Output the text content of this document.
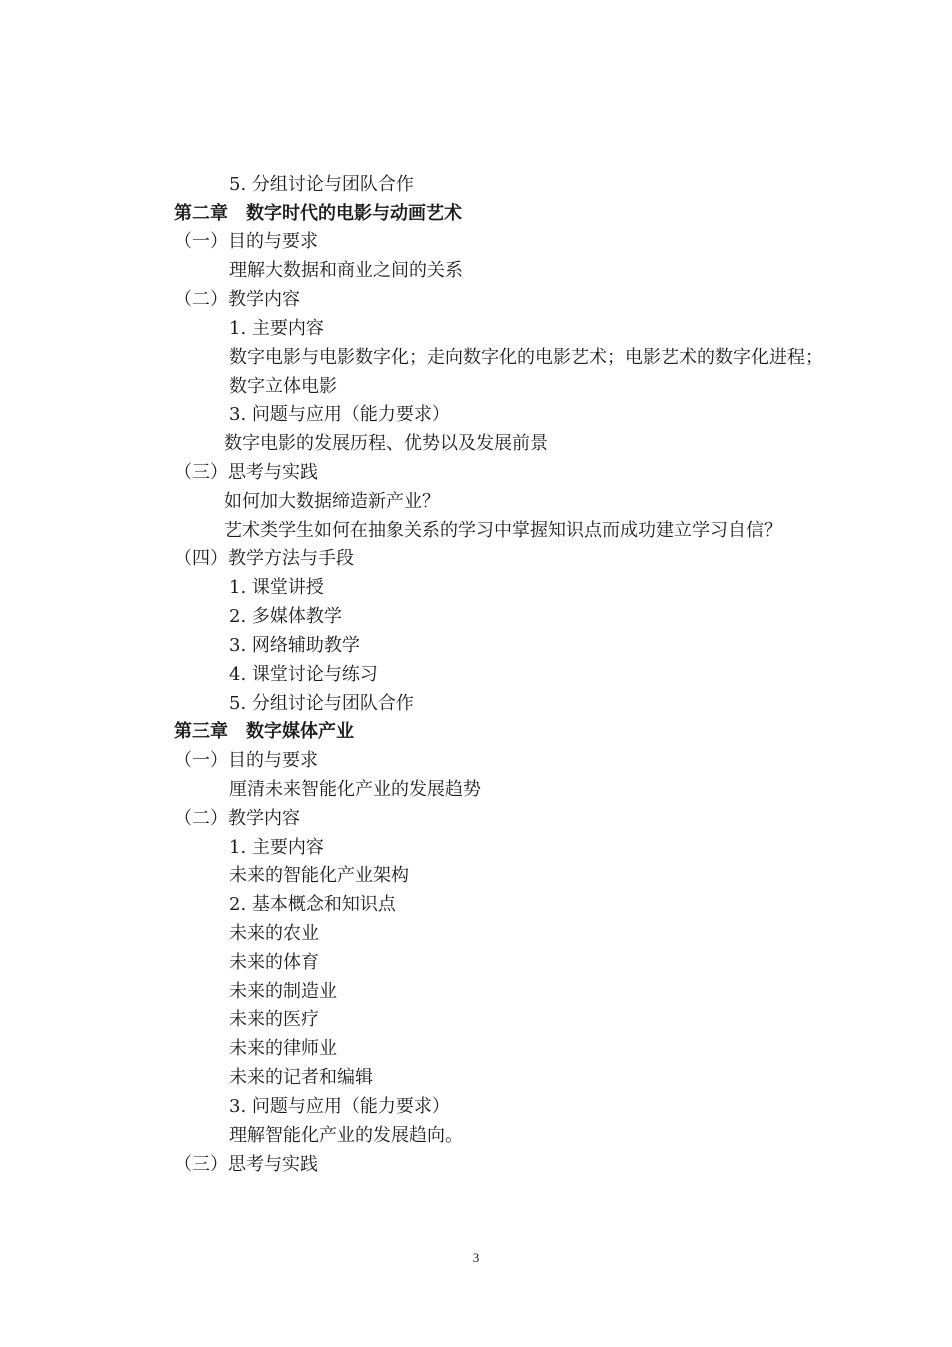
5. 分组讨论与团队合作
第二章　数字时代的电影与动画艺术
（一）目的与要求
理解大数据和商业之间的关系
（二）教学内容
1. 主要内容
数字电影与电影数字化；走向数字化的电影艺术；电影艺术的数字化进程；
数字立体电影
3. 问题与应用（能力要求）
数字电影的发展历程、优势以及发展前景
（三）思考与实践
如何加大数据缔造新产业？
艺术类学生如何在抽象关系的学习中掌握知识点而成功建立学习自信？
（四）教学方法与手段
1. 课堂讲授
2. 多媒体教学
3. 网络辅助教学
4. 课堂讨论与练习
5. 分组讨论与团队合作
第三章　数字媒体产业
（一）目的与要求
厘清未来智能化产业的发展趋势
（二）教学内容
1. 主要内容
未来的智能化产业架构
2. 基本概念和知识点
未来的农业
未来的体育
未来的制造业
未来的医疗
未来的律师业
未来的记者和编辑
3. 问题与应用（能力要求）
理解智能化产业的发展趋向。
（三）思考与实践
3
